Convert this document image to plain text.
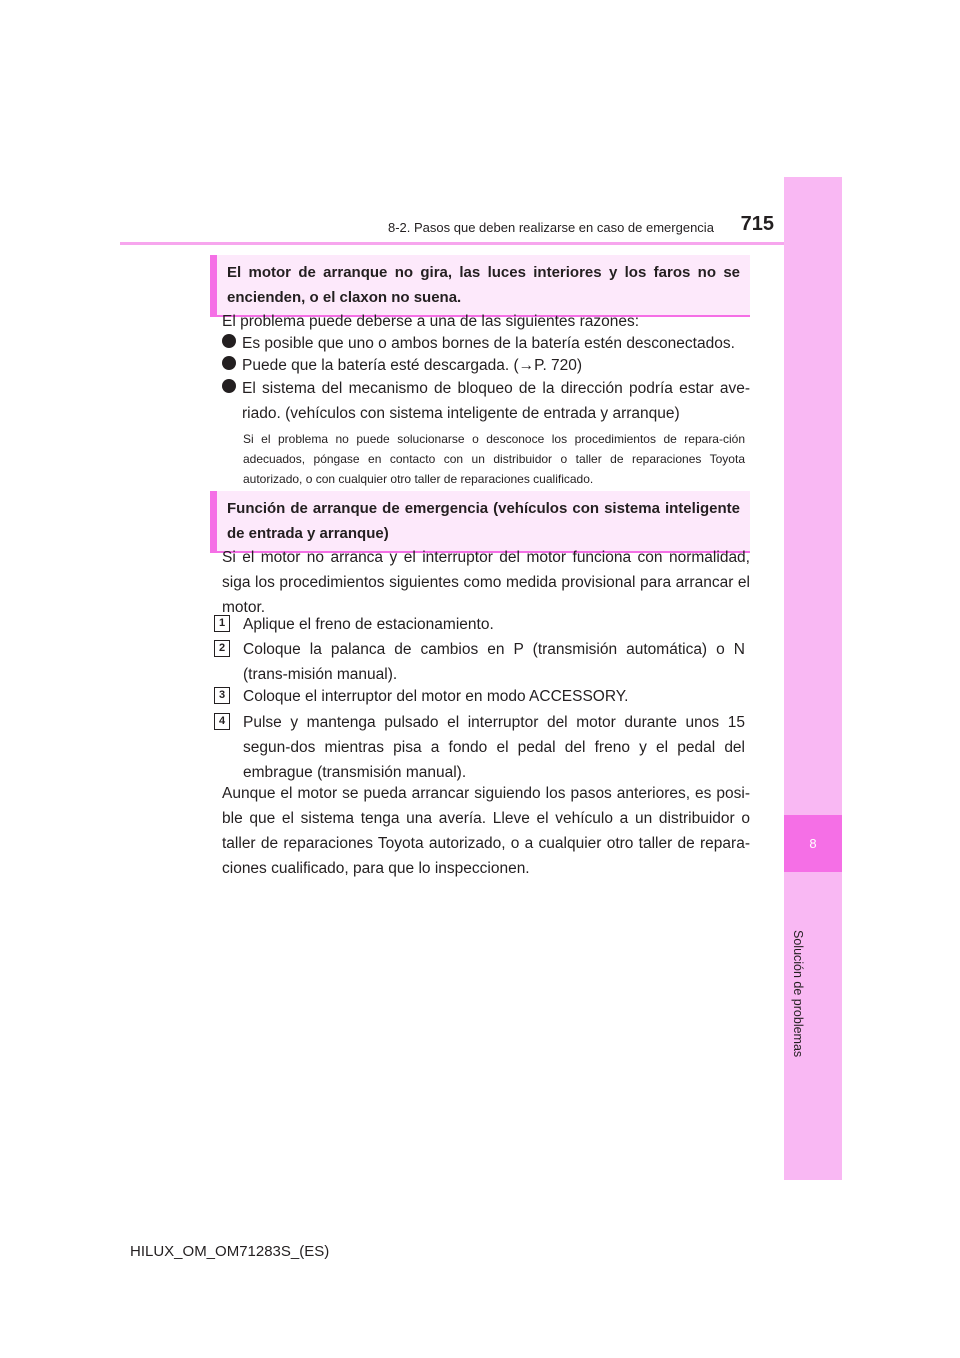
8
Solución de problemas
8-2. Pasos que deben realizarse en caso de emergencia	715
El motor de arranque no gira, las luces interiores y los faros no se encienden, o el claxon no suena.
El problema puede deberse a una de las siguientes razones:
Es posible que uno o ambos bornes de la batería estén desconectados.
Puede que la batería esté descargada. (→P. 720)
El sistema del mecanismo de bloqueo de la dirección podría estar ave-riado. (vehículos con sistema inteligente de entrada y arranque)
Si el problema no puede solucionarse o desconoce los procedimientos de repara-ción adecuados, póngase en contacto con un distribuidor o taller de reparaciones Toyota autorizado, o con cualquier otro taller de reparaciones cualificado.
Función de arranque de emergencia (vehículos con sistema inteligente de entrada y arranque)
Si el motor no arranca y el interruptor del motor funciona con normalidad, siga los procedimientos siguientes como medida provisional para arrancar el motor.
1	Aplique el freno de estacionamiento.
2	Coloque la palanca de cambios en P (transmisión automática) o N (trans-misión manual).
3	Coloque el interruptor del motor en modo ACCESSORY.
4	Pulse y mantenga pulsado el interruptor del motor durante unos 15 segun-dos mientras pisa a fondo el pedal del freno y el pedal del embrague (transmisión manual).
Aunque el motor se pueda arrancar siguiendo los pasos anteriores, es posi-ble que el sistema tenga una avería. Lleve el vehículo a un distribuidor o taller de reparaciones Toyota autorizado, o a cualquier otro taller de repara-ciones cualificado, para que lo inspeccionen.
HILUX_OM_OM71283S_(ES)
